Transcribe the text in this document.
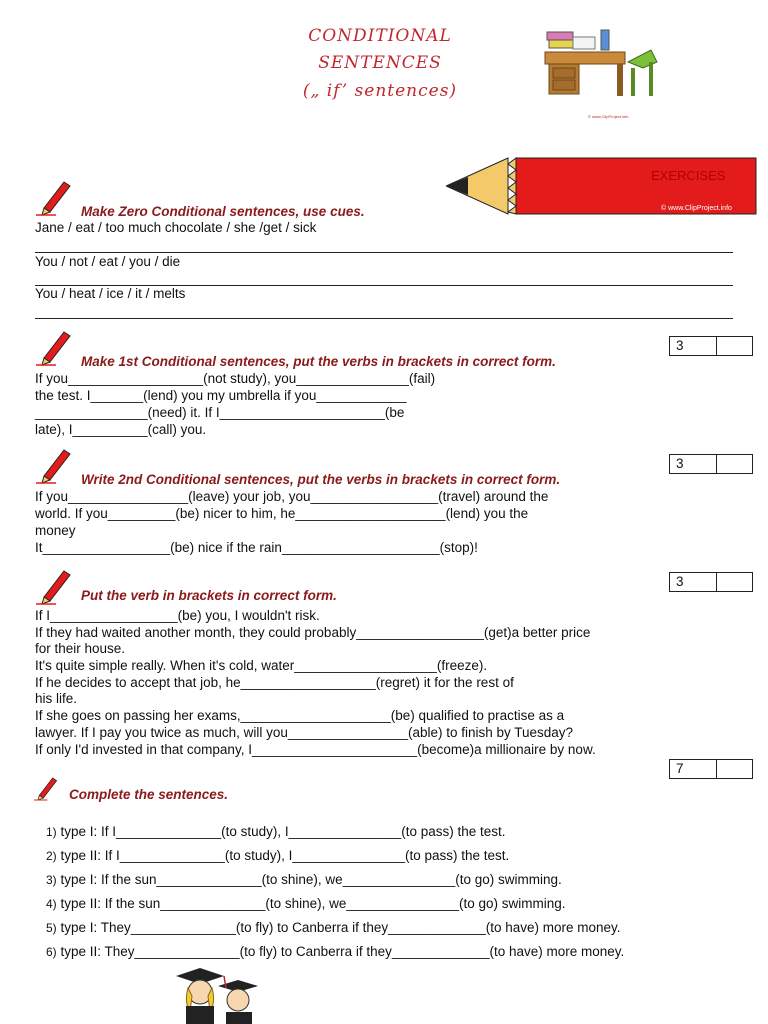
CONDITIONAL
SENTENCES
(„ if’ sentences)
© www.ClipProject.info
EXERCISES
© www.ClipProject.info
Make Zero Conditional sentences, use cues.
Jane / eat / too much chocolate / she /get / sick
You / not / eat / you / die
You / heat / ice / it / melts
3
Make 1st Conditional sentences, put the verbs in brackets in correct form.
If you__________________(not study), you_______________(fail)
the test. I_______(lend) you my umbrella if you____________
_______________(need) it. If I______________________(be
late), I__________(call) you.
3
Write 2nd Conditional sentences, put the verbs in brackets in correct form.
If you________________(leave) your job, you_________________(travel) around the
world. If you_________(be) nicer to him, he____________________(lend) you the
money
It_________________(be) nice if the rain_____________________(stop)!
3
Put the verb in brackets in correct form.
If I_________________(be) you, I wouldn't risk.
If they had waited another month, they could probably_________________(get)a better price
for their house.
It's quite simple really. When it's cold, water___________________(freeze).
If he decides to accept that job, he__________________(regret) it for the rest of
his life.
If she goes on passing her exams,____________________(be) qualified to practise as a
lawyer. If I pay you twice as much, will you________________(able) to finish by Tuesday?
If only I'd invested in that company, I______________________(become)a millionaire by now.
7
Complete the sentences.
1) type I: If I______________(to study), I_______________(to pass) the test.
2) type II: If I______________(to study), I_______________(to pass) the test.
3) type I: If the sun______________(to shine), we_______________(to go) swimming.
4) type II: If the sun______________(to shine), we_______________(to go) swimming.
5) type I: They______________(to fly) to Canberra if they_____________(to have) more money.
6) type II: They______________(to fly) to Canberra if they_____________(to have) more money.
